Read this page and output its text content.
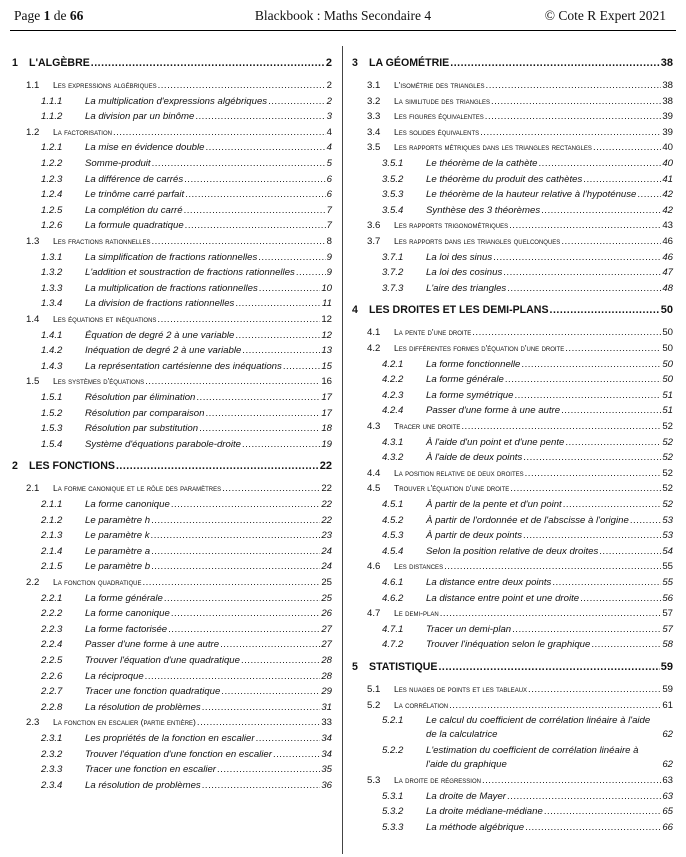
Page 1 de 66	Blackbook : Maths Secondaire 4	© Cote R Expert 2021
1 L'ALGÈBRE .....	2
1.1 Les expressions algébriques .....	2
1.1.1 La multiplication d'expressions algébriques .....	2
1.1.2 La division par un binôme .....	3
1.2 La factorisation .....	4
1.2.1 La mise en évidence double .....	4
1.2.2 Somme-produit .....	5
1.2.3 La différence de carrés .....	6
1.2.4 Le trinôme carré parfait .....	6
1.2.5 La complétion du carré .....	7
1.2.6 La formule quadratique .....	7
1.3 Les fractions rationnelles .....	8
1.3.1 La simplification de fractions rationnelles .....	9
1.3.2 L'addition et soustraction de fractions rationnelles .....	9
1.3.3 La multiplication de fractions rationnelles .....	10
1.3.4 La division de fractions rationnelles .....	11
1.4 Les équations et inéquations .....	12
1.4.1 Équation de degré 2 à une variable .....	12
1.4.2 Inéquation de degré 2 à une variable .....	13
1.4.3 La représentation cartésienne des inéquations .....	15
1.5 Les systèmes d'équations .....	16
1.5.1 Résolution par élimination .....	17
1.5.2 Résolution par comparaison .....	17
1.5.3 Résolution par substitution .....	18
1.5.4 Système d'équations parabole-droite .....	19
2 LES FONCTIONS .....	22
2.1 La forme canonique et le rôle des paramètres .....	22
2.1.1 La forme canonique .....	22
2.1.2 Le paramètre h .....	22
2.1.3 Le paramètre k .....	23
2.1.4 Le paramètre a .....	24
2.1.5 Le paramètre b .....	24
2.2 La fonction quadratique .....	25
2.2.1 La forme générale .....	25
2.2.2 La forme canonique .....	26
2.2.3 La forme factorisée .....	27
2.2.4 Passer d'une forme à une autre .....	27
2.2.5 Trouver l'équation d'une quadratique .....	28
2.2.6 La réciproque .....	28
2.2.7 Tracer une fonction quadratique .....	29
2.2.8 La résolution de problèmes .....	31
2.3 La fonction en escalier (partie entière) .....	33
2.3.1 Les propriétés de la fonction en escalier .....	34
2.3.2 Trouver l'équation d'une fonction en escalier .....	34
2.3.3 Tracer une fonction en escalier .....	35
2.3.4 La résolution de problèmes .....	36
3 LA GÉOMÉTRIE .....	38
3.1 L'isométrie des triangles .....	38
3.2 La similitude des triangles .....	38
3.3 Les figures équivalentes .....	39
3.4 Les solides équivalents .....	39
3.5 Les rapports métriques dans les triangles rectangles .....	40
3.5.1 Le théorème de la cathète .....	40
3.5.2 Le théorème du produit des cathètes .....	41
3.5.3 Le théorème de la hauteur relative à l'hypoténuse .....	42
3.5.4 Synthèse des 3 théorèmes .....	42
3.6 Les rapports trigonométriques .....	43
3.7 Les rapports dans les triangles quelconques .....	46
3.7.1 La loi des sinus .....	46
3.7.2 La loi des cosinus .....	47
3.7.3 L'aire des triangles .....	48
4 LES DROITES ET LES DEMI-PLANS .....	50
4.1 La pente d'une droite .....	50
4.2 Les différentes formes d'équation d'une droite .....	50
4.2.1 La forme fonctionnelle .....	50
4.2.2 La forme générale .....	50
4.2.3 La forme symétrique .....	51
4.2.4 Passer d'une forme à une autre .....	51
4.3 Tracer une droite .....	52
4.3.1 À l'aide d'un point et d'une pente .....	52
4.3.2 À l'aide de deux points .....	52
4.4 La position relative de deux droites .....	52
4.5 Trouver l'équation d'une droite .....	52
4.5.1 À partir de la pente et d'un point .....	52
4.5.2 À partir de l'ordonnée et de l'abscisse à l'origine .....	53
4.5.3 À partir de deux points .....	53
4.5.4 Selon la position relative de deux droites .....	54
4.6 Les distances .....	55
4.6.1 La distance entre deux points .....	55
4.6.2 La distance entre point et une droite .....	56
4.7 Le demi-plan .....	57
4.7.1 Tracer un demi-plan .....	57
4.7.2 Trouver l'inéquation selon le graphique .....	58
5 STATISTIQUE .....	59
5.1 Les nuages de points et les tableaux .....	59
5.2 La corrélation .....	61
5.2.1	Le calcul du coefficient de corrélation linéaire à l'aide de la calculatrice	62
5.2.2	L'estimation du coefficient de corrélation linéaire à l'aide du graphique	62
5.3 La droite de régression .....	63
5.3.1 La droite de Mayer .....	63
5.3.2 La droite médiane-médiane .....	65
5.3.3 La méthode algébrique .....	66
